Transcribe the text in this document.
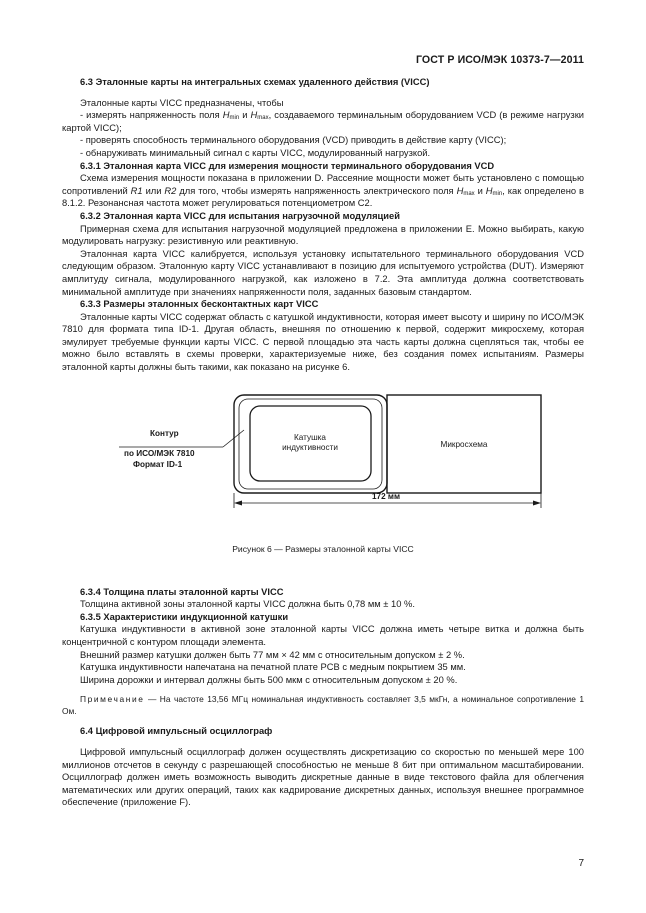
ГОСТ Р ИСО/МЭК 10373-7—2011

6.3 Эталонные карты на интегральных схемах удаленного действия (VICC)

Эталонные карты VICC предназначены, чтобы

- измерять напряженность поля $H_{min}$ и $H_{max}$, создаваемого терминальным оборудованием VCD (в режиме нагрузки картой VICC);

- проверять способность терминального оборудования (VCD) приводить в действие карту (VICC);

- обнаруживать минимальный сигнал с карты VICC, модулированный нагрузкой.

6.3.1 Эталонная карта VICC для измерения мощности терминального оборудования VCD

Схема измерения мощности показана в приложении D. Рассеяние мощности может быть установлено с помощью сопротивлений R1 или R2 для того, чтобы измерять напряженность электрического поля $H_{max}$ и $H_{min}$, как определено в 8.1.2. Резонансная частота может регулироваться потенциометром C2.

6.3.2 Эталонная карта VICC для испытания нагрузочной модуляцией

Примерная схема для испытания нагрузочной модуляцией предложена в приложении E. Можно выбирать, какую модулировать нагрузку: резистивную или реактивную.

Эталонная карта VICC калибруется, используя установку испытательного терминального оборудования VCD следующим образом. Эталонную карту VICC устанавливают в позицию для испытуемого устройства (DUT). Измеряют амплитуду сигнала, модулированного нагрузкой, как изложено в 7.2. Эта амплитуда должна соответствовать минимальной амплитуде при значениях напряженности поля, заданных базовым стандартом.

6.3.3 Размеры эталонных бесконтактных карт VICC

Эталонные карты VICC содержат область с катушкой индуктивности, которая имеет высоту и ширину по ИСО/МЭК 7810 для формата типа ID-1. Другая область, внешняя по отношению к первой, содержит микросхему, которая эмулирует требуемые функции карты VICC. С первой площадью эта часть карты должна сцепляться так, чтобы ее можно было вставлять в схемы проверки, характеризуемые ниже, без создания помех испытаниям. Размеры эталонной карты должны быть такими, как показано на рисунке 6.

Контур
по ИСО/МЭК 7810
Формат ID-1
Катушка
индуктивности	Микросхема
172 мм
Рисунок 6 — Размеры эталонной карты VICC

6.3.4 Толщина платы эталонной карты VICC

Толщина активной зоны эталонной карты VICC должна быть 0,78 мм ± 10 %.

6.3.5 Характеристики индукционной катушки

Катушка индуктивности в активной зоне эталонной карты VICC должна иметь четыре витка и должна быть концентричной с контуром площади элемента.

Внешний размер катушки должен быть 77 мм × 42 мм с относительным допуском ± 2 %.

Катушка индуктивности напечатана на печатной плате PCB с медным покрытием 35 мм.

Ширина дорожки и интервал должны быть 500 мкм с относительным допуском ± 20 %.

Примечание — На частоте 13,56 МГц номинальная индуктивность составляет 3,5 мкГн, а номинальное сопротивление 1 Ом.

6.4 Цифровой импульсный осциллограф

Цифровой импульсный осциллограф должен осуществлять дискретизацию со скоростью по меньшей мере 100 миллионов отсчетов в секунду с разрешающей способностью не меньше 8 бит при оптимальном масштабировании. Осциллограф должен иметь возможность выводить дискретные данные в виде текстового файла для облегчения математических или других операций, таких как кадрирование дискретных данных, используя внешнее программное обеспечение (приложение F).

7
